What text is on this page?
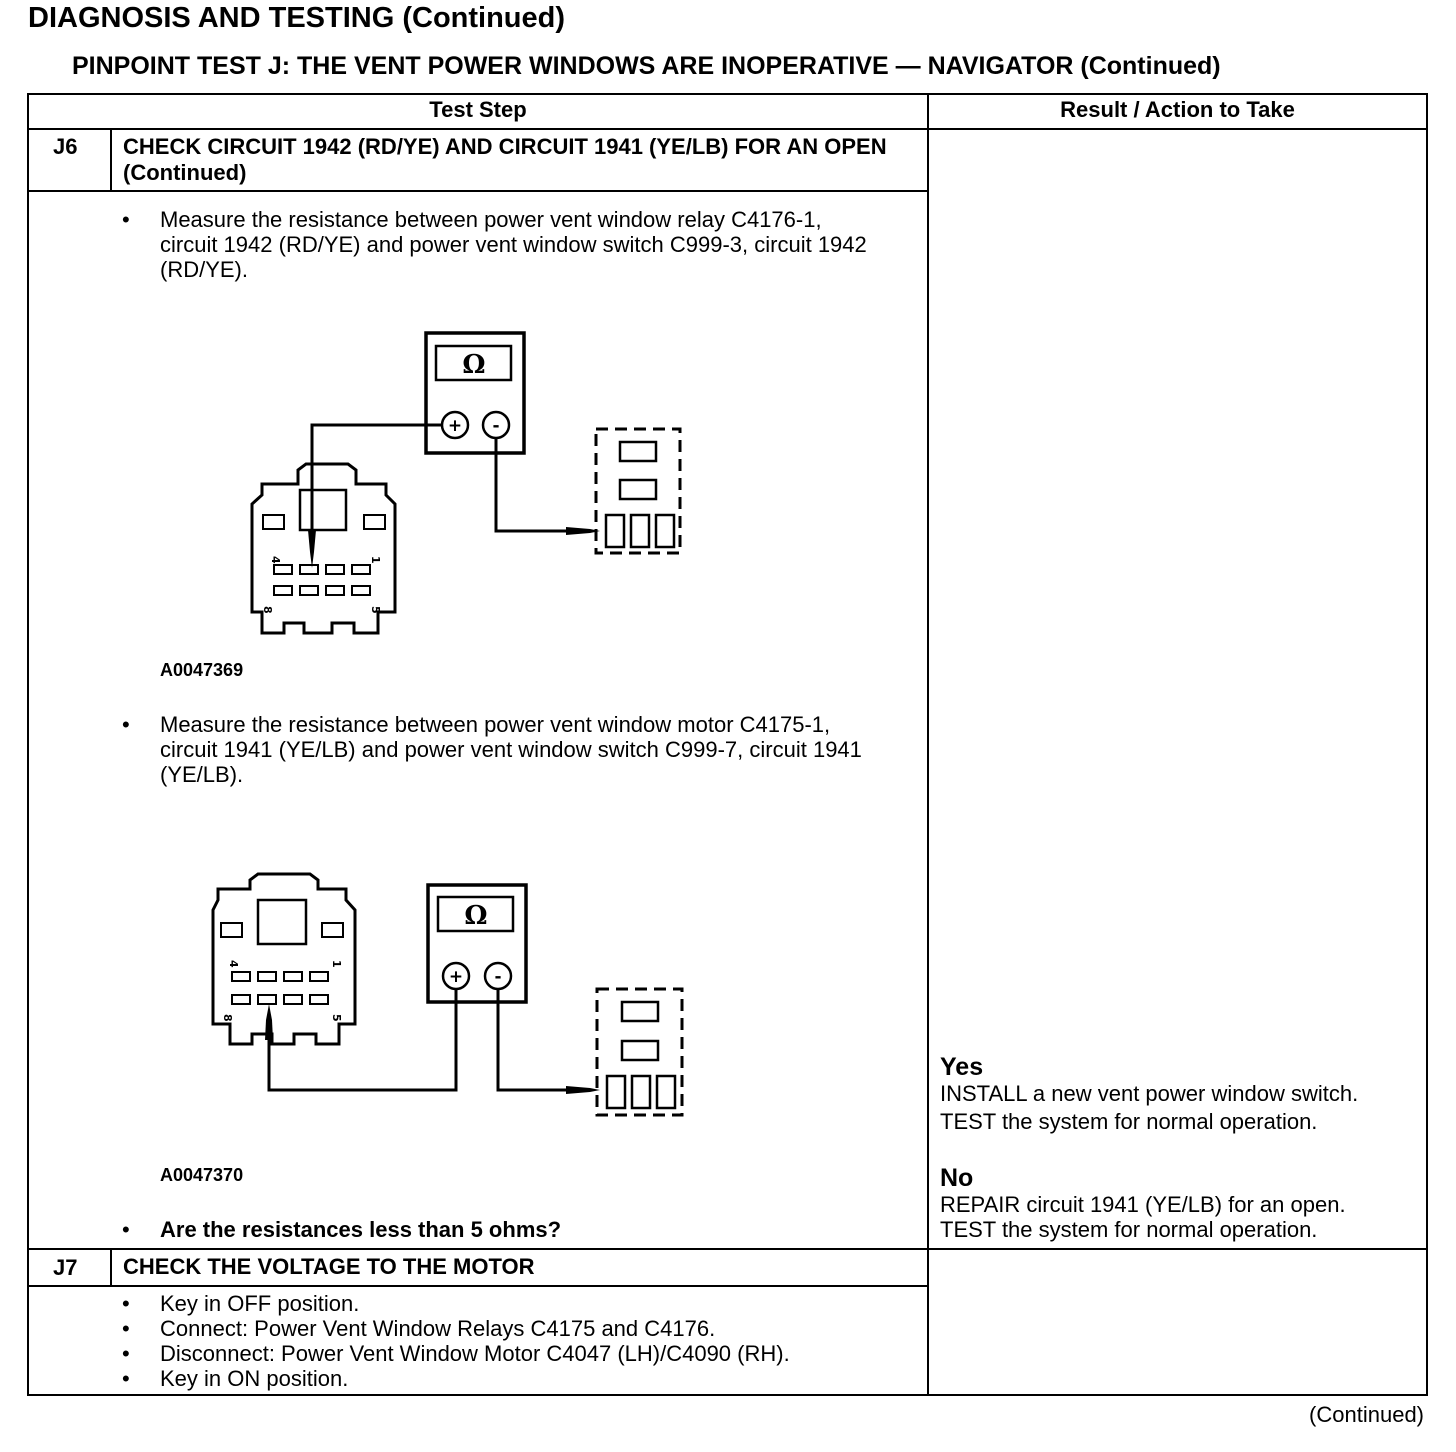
DIAGNOSIS AND TESTING (Continued)
PINPOINT TEST J: THE VENT POWER WINDOWS ARE INOPERATIVE — NAVIGATOR (Continued)
Test Step	Result / Action to Take
J6 CHECK CIRCUIT 1942 (RD/YE) AND CIRCUIT 1941 (YE/LB) FOR AN OPEN (Continued)
• Measure the resistance between power vent window relay C4176-1, circuit 1942 (RD/YE) and power vent window switch C999-3, circuit 1942 (RD/YE).
Ω
+ -
4	1
8	5
A0047369
• Measure the resistance between power vent window motor C4175-1, circuit 1941 (YE/LB) and power vent window switch C999-7, circuit 1941 (YE/LB).
Ω
+ -
4	1
8	5
A0047370
• Are the resistances less than 5 ohms?
Yes
INSTALL a new vent power window switch.
TEST the system for normal operation.
No
REPAIR circuit 1941 (YE/LB) for an open.
TEST the system for normal operation.
J7 CHECK THE VOLTAGE TO THE MOTOR
• Key in OFF position.
• Connect: Power Vent Window Relays C4175 and C4176.
• Disconnect: Power Vent Window Motor C4047 (LH)/C4090 (RH).
• Key in ON position.
(Continued)
